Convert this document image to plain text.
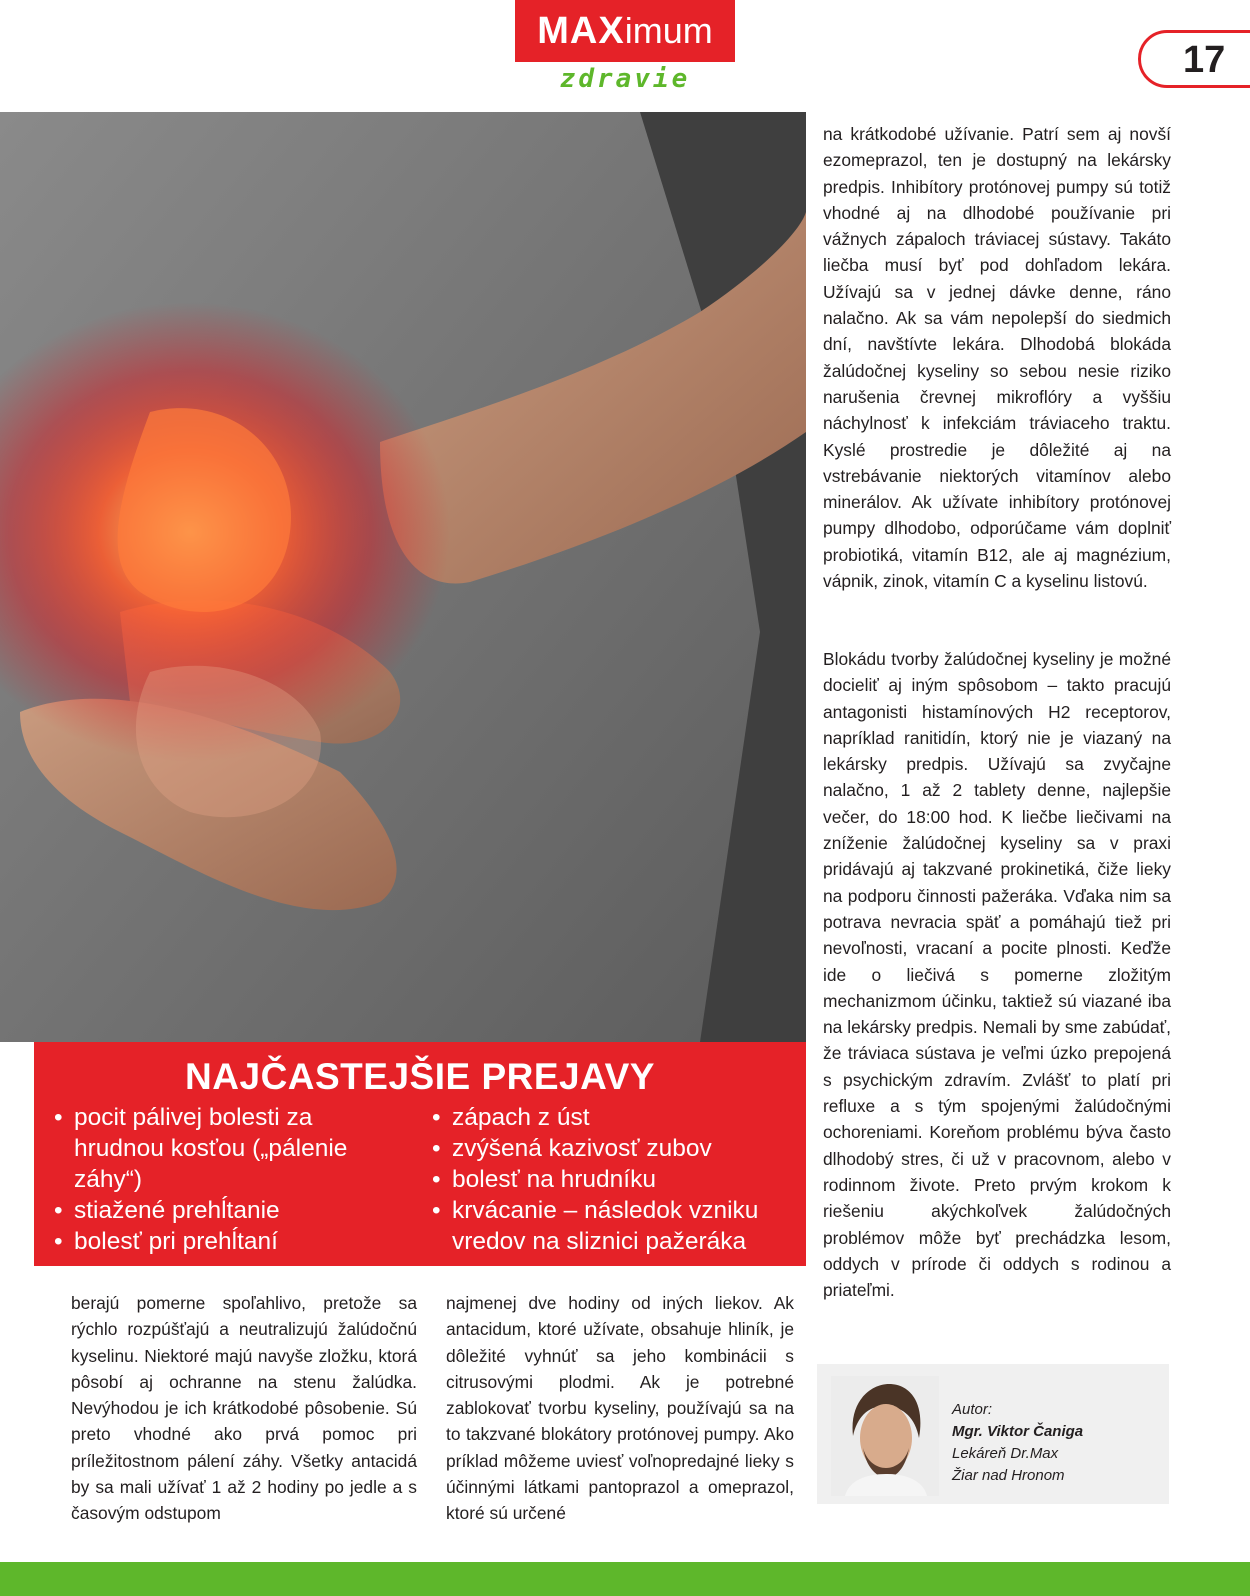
MAX imum
zdravie	17
NAJČASTEJŠIE PREJAVY
• pocit pálivej bolesti za hrudnou kosťou („pálenie záhy“)
• stiažené prehĺtanie
• bolesť pri prehĺtaní
• zápach z úst
• zvýšená kazivosť zubov
• bolesť na hrudníku
• krvácanie – následok vzniku vredov na sliznici pažeráka

berajú pomerne spoľahlivo, pretože sa rýchlo rozpúšťajú a neutralizujú žalúdočnú kyselinu. Niektoré majú navyše zložku, ktorá pôsobí aj ochranne na stenu žalúdka. Nevýhodou je ich krátkodobé pôsobenie. Sú preto vhodné ako prvá pomoc pri príležitostnom pálení záhy. Všetky antacidá by sa mali užívať 1 až 2 hodiny po jedle a s časovým odstupom

najmenej dve hodiny od iných liekov. Ak antacidum, ktoré užívate, obsahuje hliník, je dôležité vyhnúť sa jeho kombinácii s citrusovými plodmi. Ak je potrebné zablokovať tvorbu kyseliny, používajú sa na to takzvané blokátory protónovej pumpy. Ako príklad môžeme uviesť voľnopredajné lieky s účinnými látkami pantoprazol a omeprazol, ktoré sú určené

na krátkodobé užívanie. Patrí sem aj novší ezomeprazol, ten je dostupný na lekársky predpis. Inhibítory protónovej pumpy sú totiž vhodné aj na dlhodobé používanie pri vážnych zápaloch tráviacej sústavy. Takáto liečba musí byť pod dohľadom lekára. Užívajú sa v jednej dávke denne, ráno nalačno. Ak sa vám nepolepší do siedmich dní, navštívte lekára. Dlhodobá blokáda žalúdočnej kyseliny so sebou nesie riziko narušenia črevnej mikroflóry a vyššiu náchylnosť k infekciám tráviaceho traktu. Kyslé prostredie je dôležité aj na vstrebávanie niektorých vitamínov alebo minerálov. Ak užívate inhibítory protónovej pumpy dlhodobo, odporúčame vám doplniť probiotiká, vitamín B12, ale aj magnézium, vápnik, zinok, vitamín C a kyselinu listovú.

Blokádu tvorby žalúdočnej kyseliny je možné docieliť aj iným spôsobom – takto pracujú antagonisti histamínových H2 receptorov, napríklad ranitidín, ktorý nie je viazaný na lekársky predpis. Užívajú sa zvyčajne nalačno, 1 až 2 tablety denne, najlepšie večer, do 18:00 hod. K liečbe liečivami na zníženie žalúdočnej kyseliny sa v praxi pridávajú aj takzvané prokinetiká, čiže lieky na podporu činnosti pažeráka. Vďaka nim sa potrava nevracia späť a pomáhajú tiež pri nevoľnosti, vracaní a pocite plnosti. Keďže ide o liečivá s pomerne zložitým mechanizmom účinku, taktiež sú viazané iba na lekársky predpis. Nemali by sme zabúdať, že tráviaca sústava je veľmi úzko prepojená s psychickým zdravím. Zvlášť to platí pri refluxe a s tým spojenými žalúdočnými ochoreniami. Koreňom problému býva často dlhodobý stres, či už v pracovnom, alebo v rodinnom živote. Preto prvým krokom k riešeniu akýchkoľvek žalúdočných problémov môže byť prechádzka lesom, oddych v prírode či oddych s rodinou a priateľmi.

Autor:
Mgr. Viktor Čaniga
Lekáreň Dr.Max
Žiar nad Hronom
